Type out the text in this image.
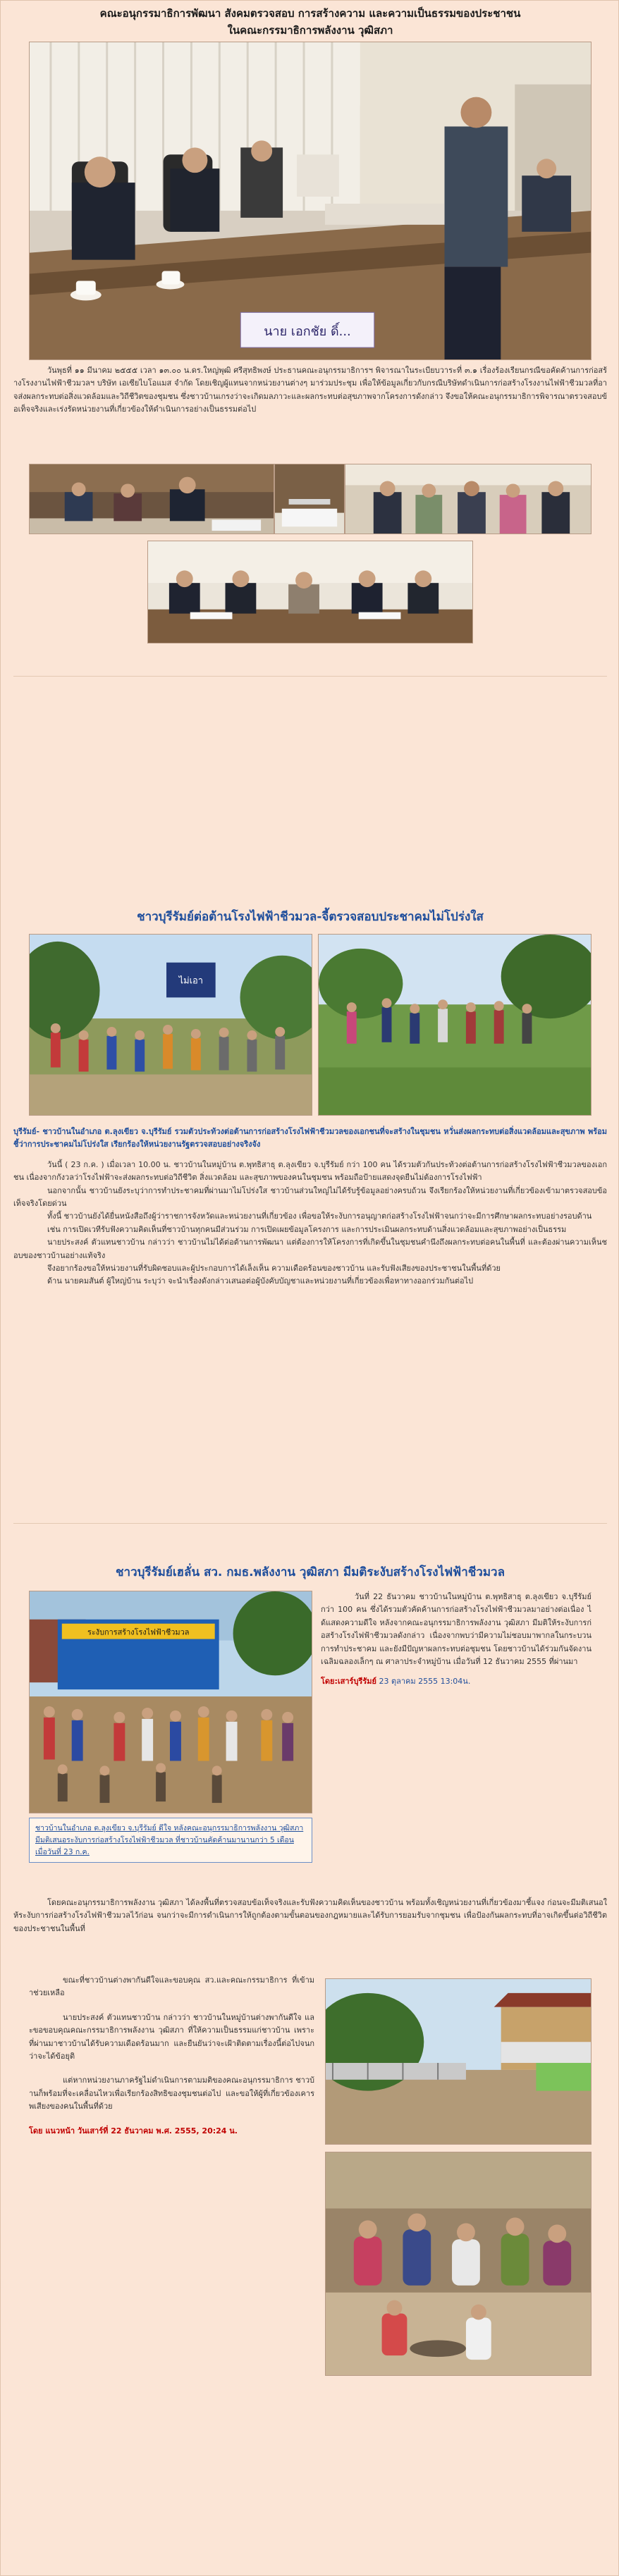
คณะอนุกรรมาธิการพัฒนา สังคมตรวจสอบ การสร้างความ และความเป็นธรรมของประชาชน
ในคณะกรรมาธิการพลังงาน วุฒิสภา
นาย เอกชัย ดิ์...

วันพุธที่ ๑๑ มีนาคม ๒๕๕๕ เวลา ๑๓.๐๐ น.ดร.ใหญ่พุฒิ ศรีสุทธิพงษ์ ประธานคณะอนุกรรมาธิการฯ พิจารณาในระเบียบวาระที่ ๓.๑ เรื่องร้องเรียนกรณีขอคัดค้านการก่อสร้างโรงงานไฟฟ้าชีวมวลฯ บริษัท เอเซียไบโอแมส จำกัด โดยเชิญผู้แทนจากหน่วยงานต่างๆ มาร่วมประชุม เพื่อให้ข้อมูลเกี่ยวกับกรณีบริษัทดำเนินการก่อสร้างโรงงานไฟฟ้าชีวมวลที่อาจส่งผลกระทบต่อสิ่งแวดล้อมและวิถีชีวิตของชุมชน ซึ่งชาวบ้านเกรงว่าจะเกิดมลภาวะและผลกระทบต่อสุขภาพจากโครงการดังกล่าว จึงขอให้คณะอนุกรรมาธิการพิจารณาตรวจสอบข้อเท็จจริงและเร่งรัดหน่วยงานที่เกี่ยวข้องให้ดำเนินการอย่างเป็นธรรมต่อไป

ชาวบุรีรัมย์ต่อต้านโรงไฟฟ้าชีวมวล-จี้ตรวจสอบประชาคมไม่โปร่งใส
ไม่เอา

บุรีรัมย์- ชาวบ้านในอำเภอ ต.ลุงเขียว จ.บุรีรัมย์ รวมตัวประท้วงต่อต้านการก่อสร้างโรงไฟฟ้าชีวมวลของเอกชนที่จะสร้างในชุมชน หวั่นส่งผลกระทบต่อสิ่งแวดล้อมและสุขภาพ พร้อมชี้ว่าการประชาคมไม่โปร่งใส เรียกร้องให้หน่วยงานรัฐตรวจสอบอย่างจริงจัง

วันนี้ ( 23 ก.ค. ) เมื่อเวลา 10.00 น. ชาวบ้านในหมู่บ้าน ต.พุทธิสาธุ ต.ลุงเขียว จ.บุรีรัมย์ กว่า 100 คน ได้รวมตัวกันประท้วงต่อต้านการก่อสร้างโรงไฟฟ้าชีวมวลของเอกชน เนื่องจากกังวลว่าโรงไฟฟ้าจะส่งผลกระทบต่อวิถีชีวิต สิ่งแวดล้อม และสุขภาพของคนในชุมชน พร้อมถือป้ายแสดงจุดยืนไม่ต้องการโรงไฟฟ้า

นอกจากนั้น ชาวบ้านยังระบุว่าการทำประชาคมที่ผ่านมาไม่โปร่งใส ชาวบ้านส่วนใหญ่ไม่ได้รับรู้ข้อมูลอย่างครบถ้วน จึงเรียกร้องให้หน่วยงานที่เกี่ยวข้องเข้ามาตรวจสอบข้อเท็จจริงโดยด่วน

ทั้งนี้ ชาวบ้านยังได้ยื่นหนังสือถึงผู้ว่าราชการจังหวัดและหน่วยงานที่เกี่ยวข้อง เพื่อขอให้ระงับการอนุญาตก่อสร้างโรงไฟฟ้าจนกว่าจะมีการศึกษาผลกระทบอย่างรอบด้าน

เช่น การเปิดเวทีรับฟังความคิดเห็นที่ชาวบ้านทุกคนมีส่วนร่วม การเปิดเผยข้อมูลโครงการ และการประเมินผลกระทบด้านสิ่งแวดล้อมและสุขภาพอย่างเป็นธรรม

นายประสงค์ ตัวแทนชาวบ้าน กล่าวว่า ชาวบ้านไม่ได้ต่อต้านการพัฒนา แต่ต้องการให้โครงการที่เกิดขึ้นในชุมชนคำนึงถึงผลกระทบต่อคนในพื้นที่ และต้องผ่านความเห็นชอบของชาวบ้านอย่างแท้จริง

จึงอยากร้องขอให้หน่วยงานที่รับผิดชอบและผู้ประกอบการได้เล็งเห็น ความเดือดร้อนของชาวบ้าน และรับฟังเสียงของประชาชนในพื้นที่ด้วย

ด้าน นายคมสันต์ ผู้ใหญ่บ้าน ระบุว่า จะนำเรื่องดังกล่าวเสนอต่อผู้บังคับบัญชาและหน่วยงานที่เกี่ยวข้องเพื่อหาทางออกร่วมกันต่อไป

ชาวบุรีรัมย์เฮลั่น สว. กมธ.พลังงาน วุฒิสภา มีมติระงับสร้างโรงไฟฟ้าชีวมวล
ระงับการสร้างโรงไฟฟ้าชีวมวล
ชาวบ้านในอำเภอ ต.ลุงเขียว จ.บุรีรัมย์ ดีใจ หลังคณะอนุกรรมาธิการพลังงาน วุฒิสภา มีมติเสนอระงับการก่อสร้างโรงไฟฟ้าชีวมวล ที่ชาวบ้านคัดค้านมานานกว่า 5 เดือน เมื่อวันที่ 23 ก.ค.

วันที่ 22 ธันวาคม ชาวบ้านในหมู่บ้าน ต.พุทธิสาธุ ต.ลุงเขียว จ.บุรีรัมย์ กว่า 100 คน ซึ่งได้รวมตัวคัดค้านการก่อสร้างโรงไฟฟ้าชีวมวลมาอย่างต่อเนื่อง ได้แสดงความดีใจ หลังจากคณะอนุกรรมาธิการพลังงาน วุฒิสภา มีมติให้ระงับการก่อสร้างโรงไฟฟ้าชีวมวลดังกล่าว เนื่องจากพบว่ามีความไม่ชอบมาพากลในกระบวนการทำประชาคม และยังมีปัญหาผลกระทบต่อชุมชน โดยชาวบ้านได้ร่วมกันจัดงานเฉลิมฉลองเล็กๆ ณ ศาลาประจำหมู่บ้าน เมื่อวันที่ 12 ธันวาคม 2555 ที่ผ่านมา

โดย:เสาร์บุรีรัมย์ 23 ตุลาคม 2555 13:04น.

โดยคณะอนุกรรมาธิการพลังงาน วุฒิสภา ได้ลงพื้นที่ตรวจสอบข้อเท็จจริงและรับฟังความคิดเห็นของชาวบ้าน พร้อมทั้งเชิญหน่วยงานที่เกี่ยวข้องมาชี้แจง ก่อนจะมีมติเสนอให้ระงับการก่อสร้างโรงไฟฟ้าชีวมวลไว้ก่อน จนกว่าจะมีการดำเนินการให้ถูกต้องตามขั้นตอนของกฎหมายและได้รับการยอมรับจากชุมชน เพื่อป้องกันผลกระทบที่อาจเกิดขึ้นต่อวิถีชีวิตของประชาชนในพื้นที่

ขณะที่ชาวบ้านต่างพากันดีใจและขอบคุณ สว.และคณะกรรมาธิการ ที่เข้ามาช่วยเหลือ

นายประสงค์ ตัวแทนชาวบ้าน กล่าวว่า ชาวบ้านในหมู่บ้านต่างพากันดีใจ และขอขอบคุณคณะกรรมาธิการพลังงาน วุฒิสภา ที่ให้ความเป็นธรรมแก่ชาวบ้าน เพราะที่ผ่านมาชาวบ้านได้รับความเดือดร้อนมาก และยืนยันว่าจะเฝ้าติดตามเรื่องนี้ต่อไปจนกว่าจะได้ข้อยุติ

แต่หากหน่วยงานภาครัฐไม่ดำเนินการตามมติของคณะอนุกรรมาธิการ ชาวบ้านก็พร้อมที่จะเคลื่อนไหวเพื่อเรียกร้องสิทธิของชุมชนต่อไป และขอให้ผู้ที่เกี่ยวข้องเคารพเสียงของคนในพื้นที่ด้วย

โดย แนวหน้า วันเสาร์ที่ 22 ธันวาคม พ.ศ. 2555, 20:24 น.
